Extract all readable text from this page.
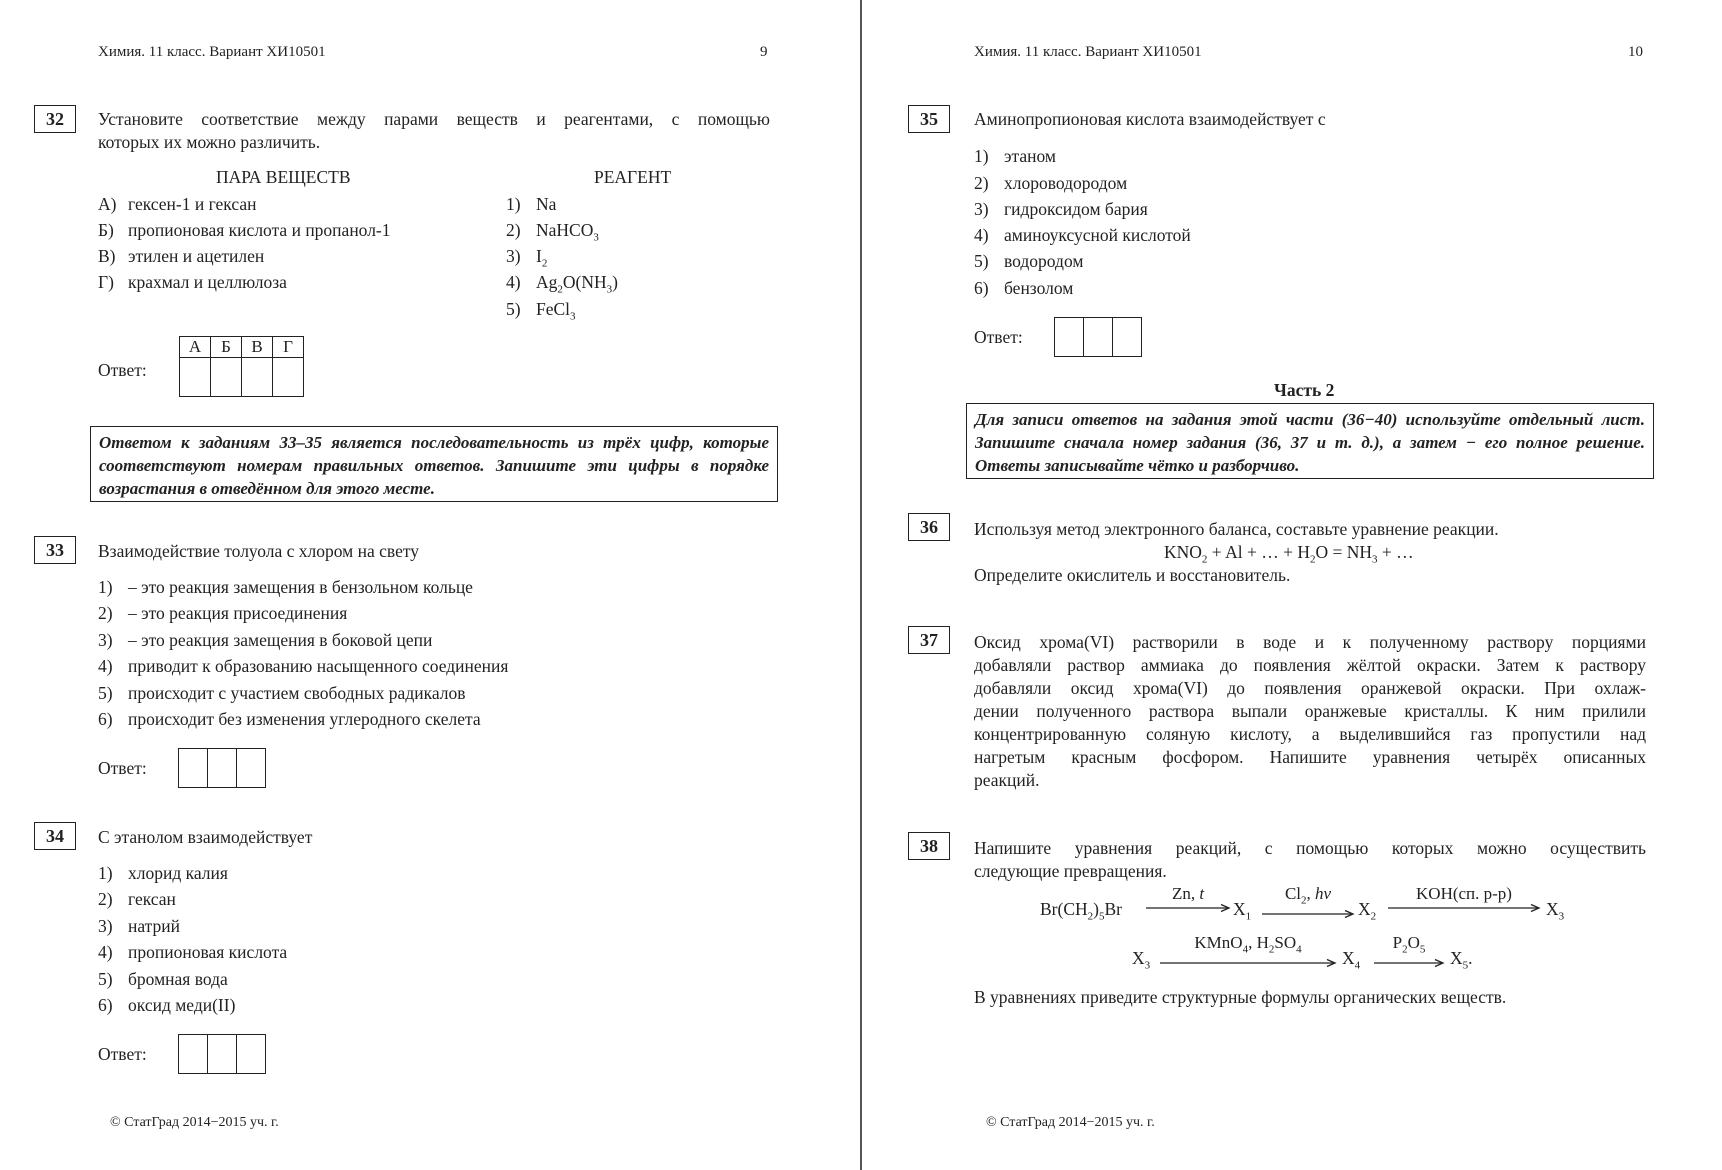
Химия. 11 класс. Вариант ХИ10501	9
32	Установите соответствие между парами веществ и реагентами, с помощью
которых их можно различить.
ПАРА ВЕЩЕСТВ	РЕАГЕНТ
А) гексен-1 и гексан
Б) пропионовая кислота и пропанол-1
В) этилен и ацетилен
Г) крахмал и целлюлоза
1) Na
2) NaHCO$_3$
3) $I_2$
4) $Ag_2O(NH_3)$
5) FeCl$_3$
Ответ:
А	Б	В	Г

Ответом к заданиям 33–35 является последовательность из трёх цифр, которые соответствуют номерам правильных ответов. Запишите эти цифры в порядке возрастания в отведённом для этого месте.
33	Взаимодействие толуола с хлором на свету
1) – это реакция замещения в бензольном кольце
2) – это реакция присоединения
3) – это реакция замещения в боковой цепи
4) приводит к образованию насыщенного соединения
5) происходит с участием свободных радикалов
6) происходит без изменения углеродного скелета
Ответ:
34	С этанолом взаимодействует
1) хлорид калия
2) гексан
3) натрий
4) пропионовая кислота
5) бромная вода
6) оксид меди(II)
Ответ:
© СтатГрад 2014−2015 уч. г.
Химия. 11 класс. Вариант ХИ10501	10
35	Аминопропионовая кислота взаимодействует с
1) этаном
2) хлороводородом
3) гидроксидом бария
4) аминоуксусной кислотой
5) водородом
6) бензолом
Ответ:
Часть 2
Для записи ответов на задания этой части (36−40) используйте отдельный лист. Запишите сначала номер задания (36, 37 и т. д.), а затем − его полное решение. Ответы записывайте чётко и разборчиво.
36	Используя метод электронного баланса, составьте уравнение реакции.
$KNO_2 + Al$ + … + $H_2O = NH_3$ + …
Определите окислитель и восстановитель.
37	Оксид хрома(VI) растворили в воде и к полученному раствору порциями
добавляли раствор аммиака до появления жёлтой окраски. Затем к раствору
добавляли оксид хрома(VI) до появления оранжевой окраски. При охлаж-
дении полученного раствора выпали оранжевые кристаллы. К ним прилили
концентрированную соляную кислоту, а выделившийся газ пропустили над
нагретым красным фосфором. Напишите уравнения четырёх описанных
реакций.
38	Напишите уравнения реакций, с помощью которых можно осуществить
следующие превращения.
$Br(CH_2)_5Br$
Zn, t
$X_1$
$Cl_2$, hν
$X_2$
KOH(сп. р-р)
$X_3$
$X_3$
KMnO$_4$, $H_2SO_4$	$X_4$
$P_2O_5$	$X_5$.
В уравнениях приведите структурные формулы органических веществ.
© СтатГрад 2014−2015 уч. г.
